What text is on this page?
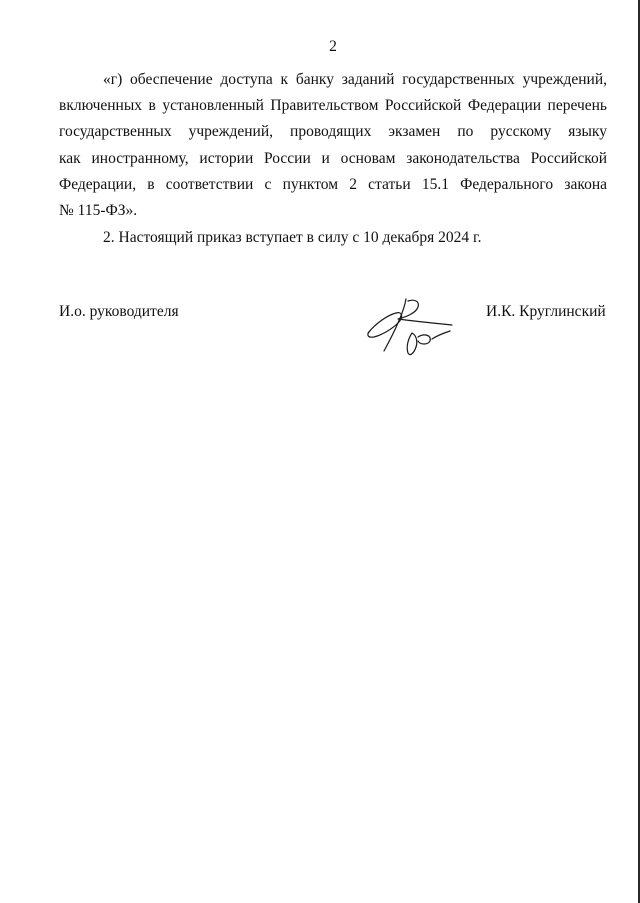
2
«г) обеспечение доступа к банку заданий государственных учреждений,
включенных в установленный Правительством Российской Федерации перечень
государственных учреждений, проводящих экзамен по русскому языку
как иностранному, истории России и основам законодательства Российской
Федерации, в соответствии с пунктом 2 статьи 15.1 Федерального закона
№ 115-ФЗ».
2. Настоящий приказ вступает в силу с 10 декабря 2024 г.
И.о. руководителя	И.К. Круглинский
